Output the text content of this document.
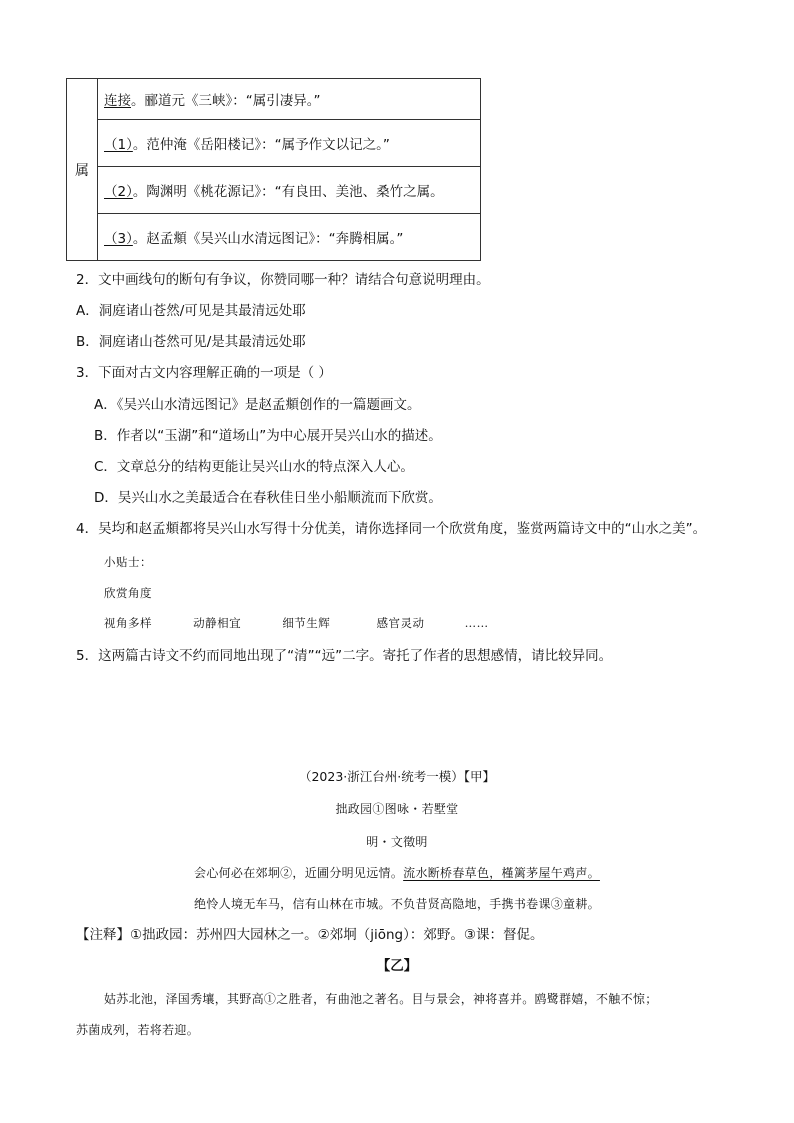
属	连接。郦道元《三峡》：“属引凄异。”
（1）。范仲淹《岳阳楼记》：“属予作文以记之。”
（2）。陶渊明《桃花源记》：“有良田、美池、桑竹之属。
（3）。赵孟頫《吴兴山水清远图记》：“奔腾相属。”
2．文中画线句的断句有争议，你赞同哪一种？请结合句意说明理由。
A．洞庭诸山苍然/可见是其最清远处耶
B．洞庭诸山苍然可见/是其最清远处耶
3．下面对古文内容理解正确的一项是（ ）
A．《吴兴山水清远图记》是赵孟頫创作的一篇题画文。
B．作者以“玉湖”和“道场山”为中心展开吴兴山水的描述。
C．文章总分的结构更能让吴兴山水的特点深入人心。
D．吴兴山水之美最适合在春秋佳日坐小船顺流而下欣赏。
4．吴均和赵孟頫都将吴兴山水写得十分优美，请你选择同一个欣赏角度，鉴赏两篇诗文中的“山水之美”。
小贴士：
欣赏角度
视角多样	动静相宜	细节生辉	感官灵动	……
5．这两篇古诗文不约而同地出现了“清”“远”二字。寄托了作者的思想感情，请比较异同。
（2023·浙江台州·统考一模）【甲】
拙政园①图咏・若墅堂
明・文徵明
会心何必在郊坰②，近圃分明见远情。流水断桥春草色，槿篱茅屋午鸡声。
绝怜人境无车马，信有山林在市城。不负昔贤高隐地，手携书卷课③童耕。
【注释】①拙政园：苏州四大园林之一。②郊坰（jiōng）：郊野。③课：督促。
【乙】
姑苏北池，泽国秀壤，其野高①之胜者，有曲池之著名。目与景会，神将喜并。鸥鹭群嬉，不触不惊；
苏菌成列，若将若迎。
